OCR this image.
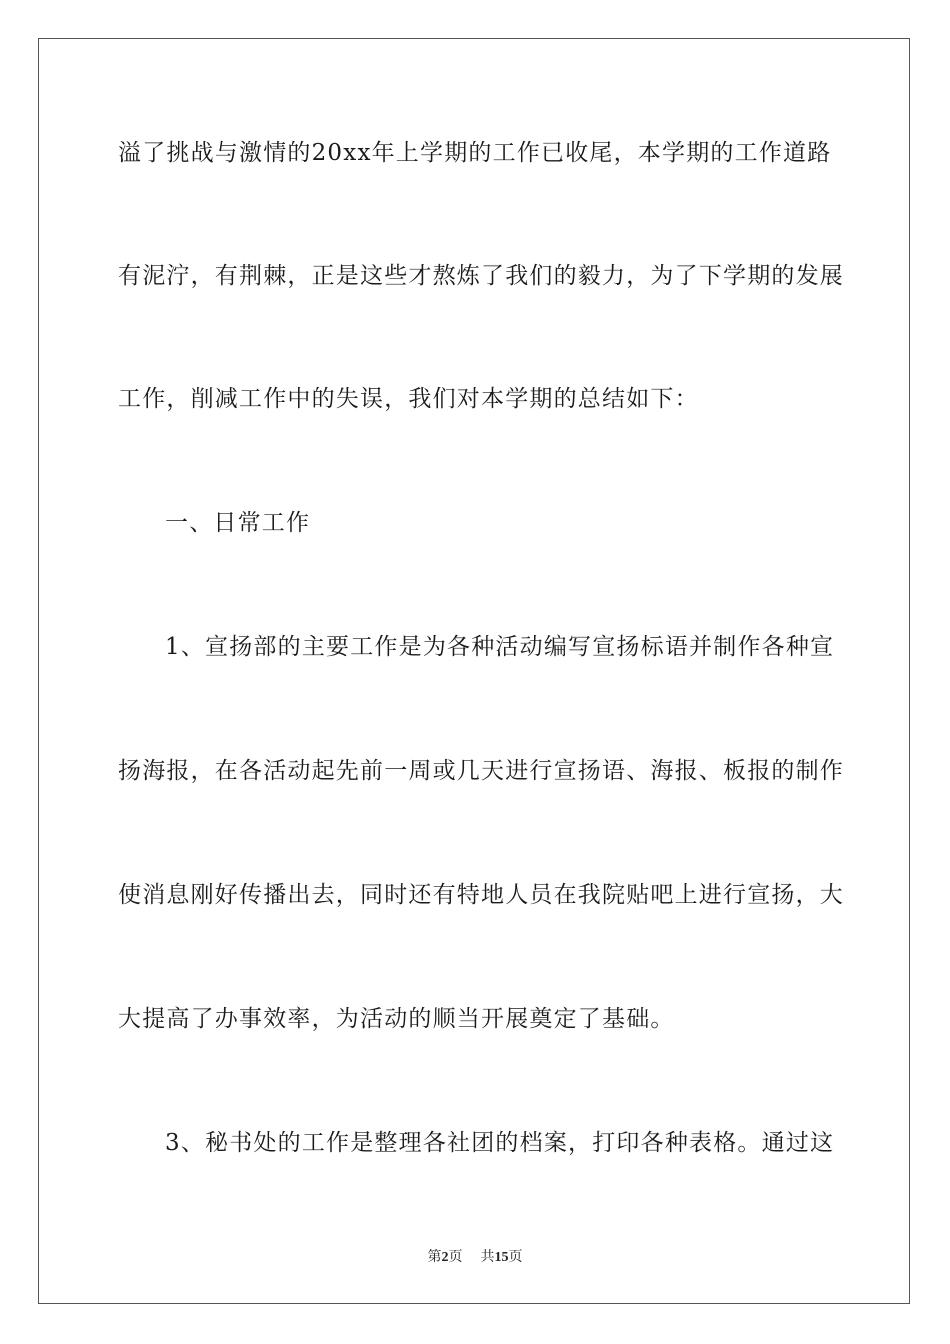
溢了挑战与激情的20xx年上学期的工作已收尾，本学期的工作道路
有泥泞，有荆棘，正是这些才熬炼了我们的毅力，为了下学期的发展
工作，削减工作中的失误，我们对本学期的总结如下：
一、日常工作
1、宣扬部的主要工作是为各种活动编写宣扬标语并制作各种宣
扬海报，在各活动起先前一周或几天进行宣扬语、海报、板报的制作
使消息刚好传播出去，同时还有特地人员在我院贴吧上进行宣扬，大
大提高了办事效率，为活动的顺当开展奠定了基础。
3、秘书处的工作是整理各社团的档案，打印各种表格。通过这
第2页 共15页
